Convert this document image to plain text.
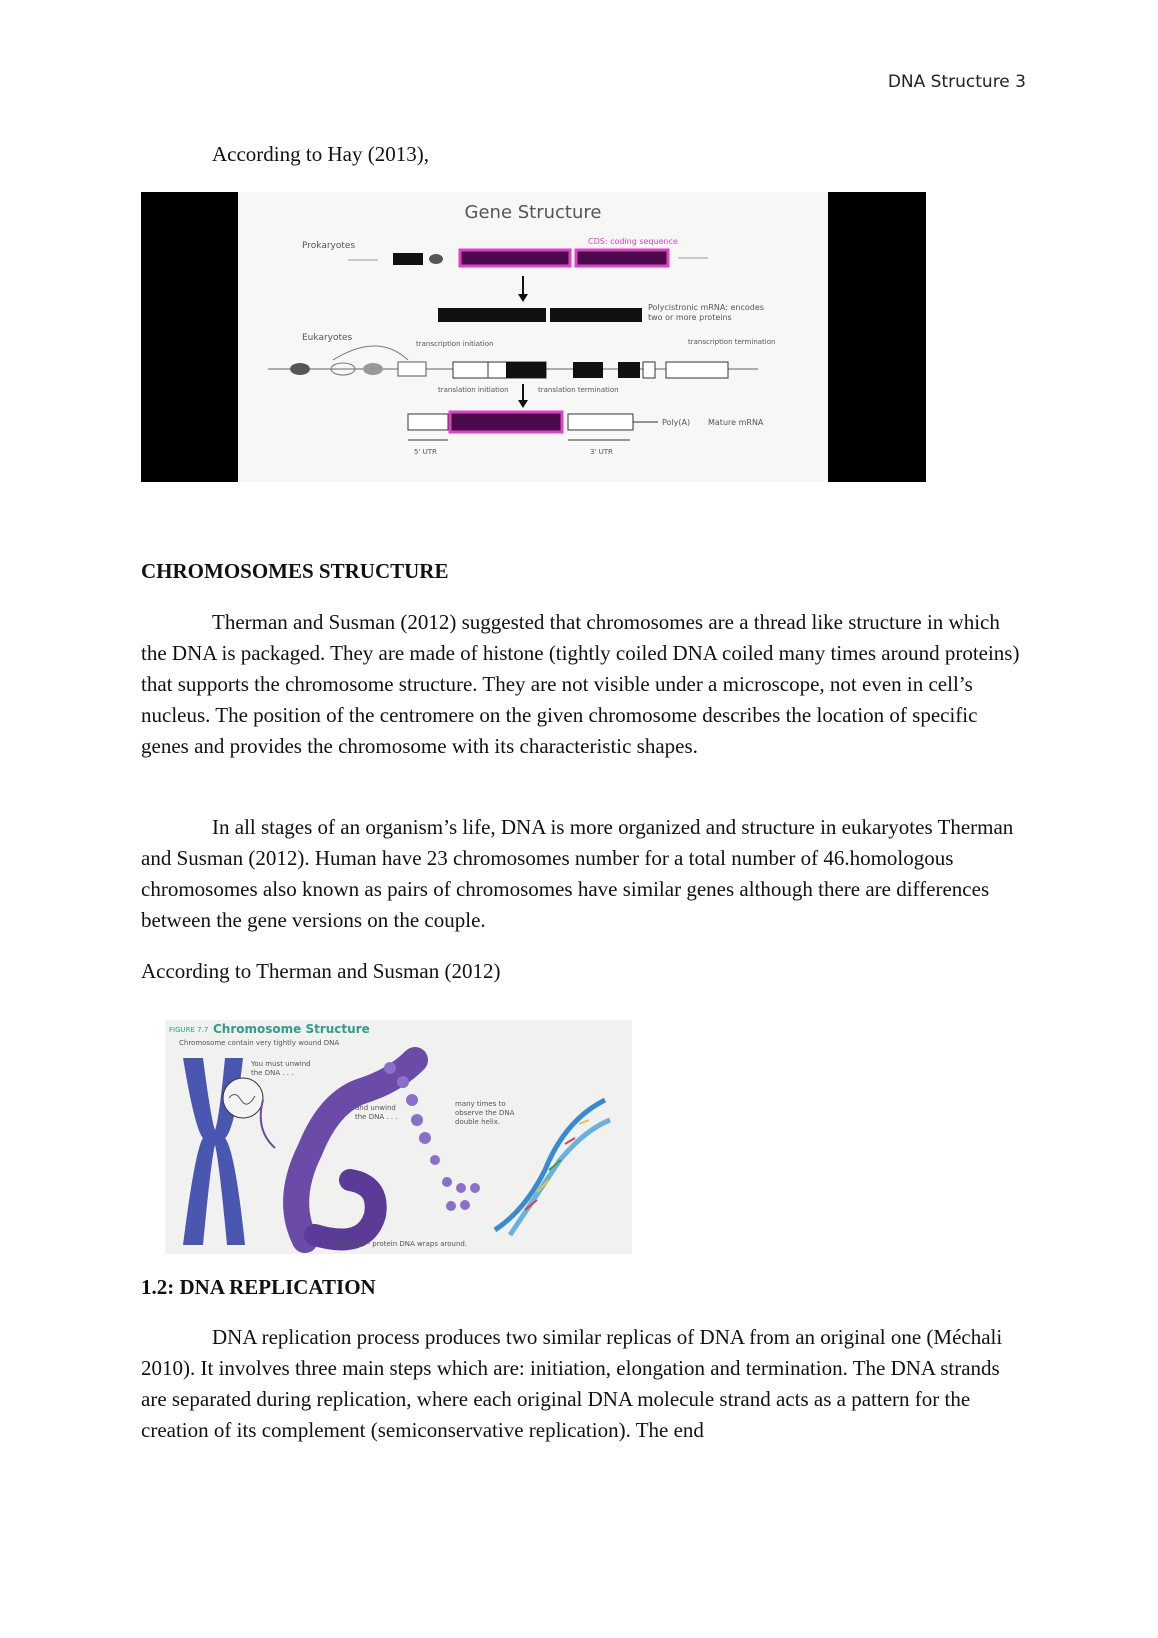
DNA Structure 3

According to Hay (2013),

Gene Structure
Prokaryotes	CDS: coding sequence
Polycistronic mRNA: encodes two or more proteins
Eukaryotes
transcription initiation	transcription termination
translation initiation	translation termination
Poly(A) Mature mRNA
5' UTR	3' UTR
CHROMOSOMES STRUCTURE

Therman and Susman (2012) suggested that chromosomes are a thread like structure in which the DNA is packaged. They are made of histone (tightly coiled DNA coiled many times around proteins) that supports the chromosome structure. They are not visible under a microscope, not even in cell’s nucleus. The position of the centromere on the given chromosome describes the location of specific genes and provides the chromosome with its characteristic shapes.

In all stages of an organism’s life, DNA is more organized and structure in eukaryotes Therman and Susman (2012). Human have 23 chromosomes number for a total number of 46.homologous chromosomes also known as pairs of chromosomes have similar genes although there are differences between the gene versions on the couple.

According to Therman and Susman (2012)

FIGURE 7.7 Chromosome Structure
Chromosome contain very tightly wound DNA
You must unwind the DNA . . .
and unwind the DNA . . .
many times to observe the DNA double helix.
Histones - protein DNA wraps around.
1.2: DNA REPLICATION

DNA replication process produces two similar replicas of DNA from an original one (Méchali 2010). It involves three main steps which are: initiation, elongation and termination. The DNA strands are separated during replication, where each original DNA molecule strand acts as a pattern for the creation of its complement (semiconservative replication). The end
